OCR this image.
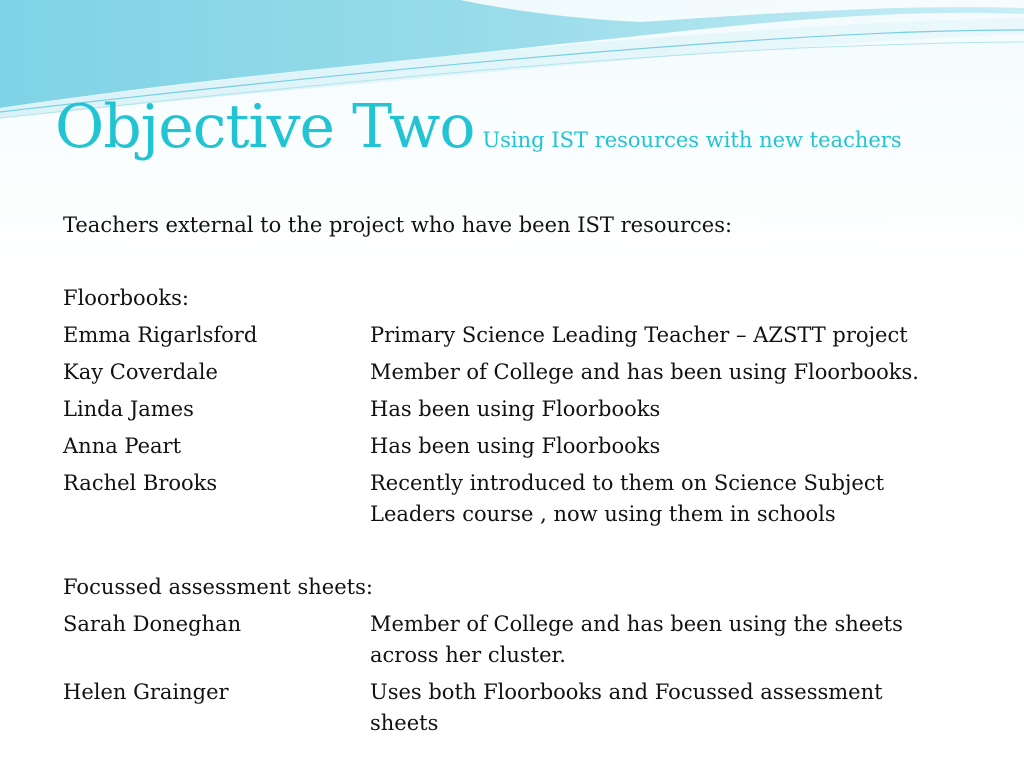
Objective Two Using IST resources with new teachers
Teachers external to the project who have been IST resources:
Floorbooks:
Emma Rigarlsford	Primary Science Leading Teacher – AZSTT project
Kay Coverdale	Member of College and has been using Floorbooks.
Linda James	Has been using Floorbooks
Anna Peart	Has been using Floorbooks
Rachel Brooks	Recently introduced to them on Science Subject Leaders course , now using them in schools
Focussed assessment sheets:
Sarah Doneghan	Member of College and has been using the sheets across her cluster.
Helen Grainger	Uses both Floorbooks and Focussed assessment sheets
